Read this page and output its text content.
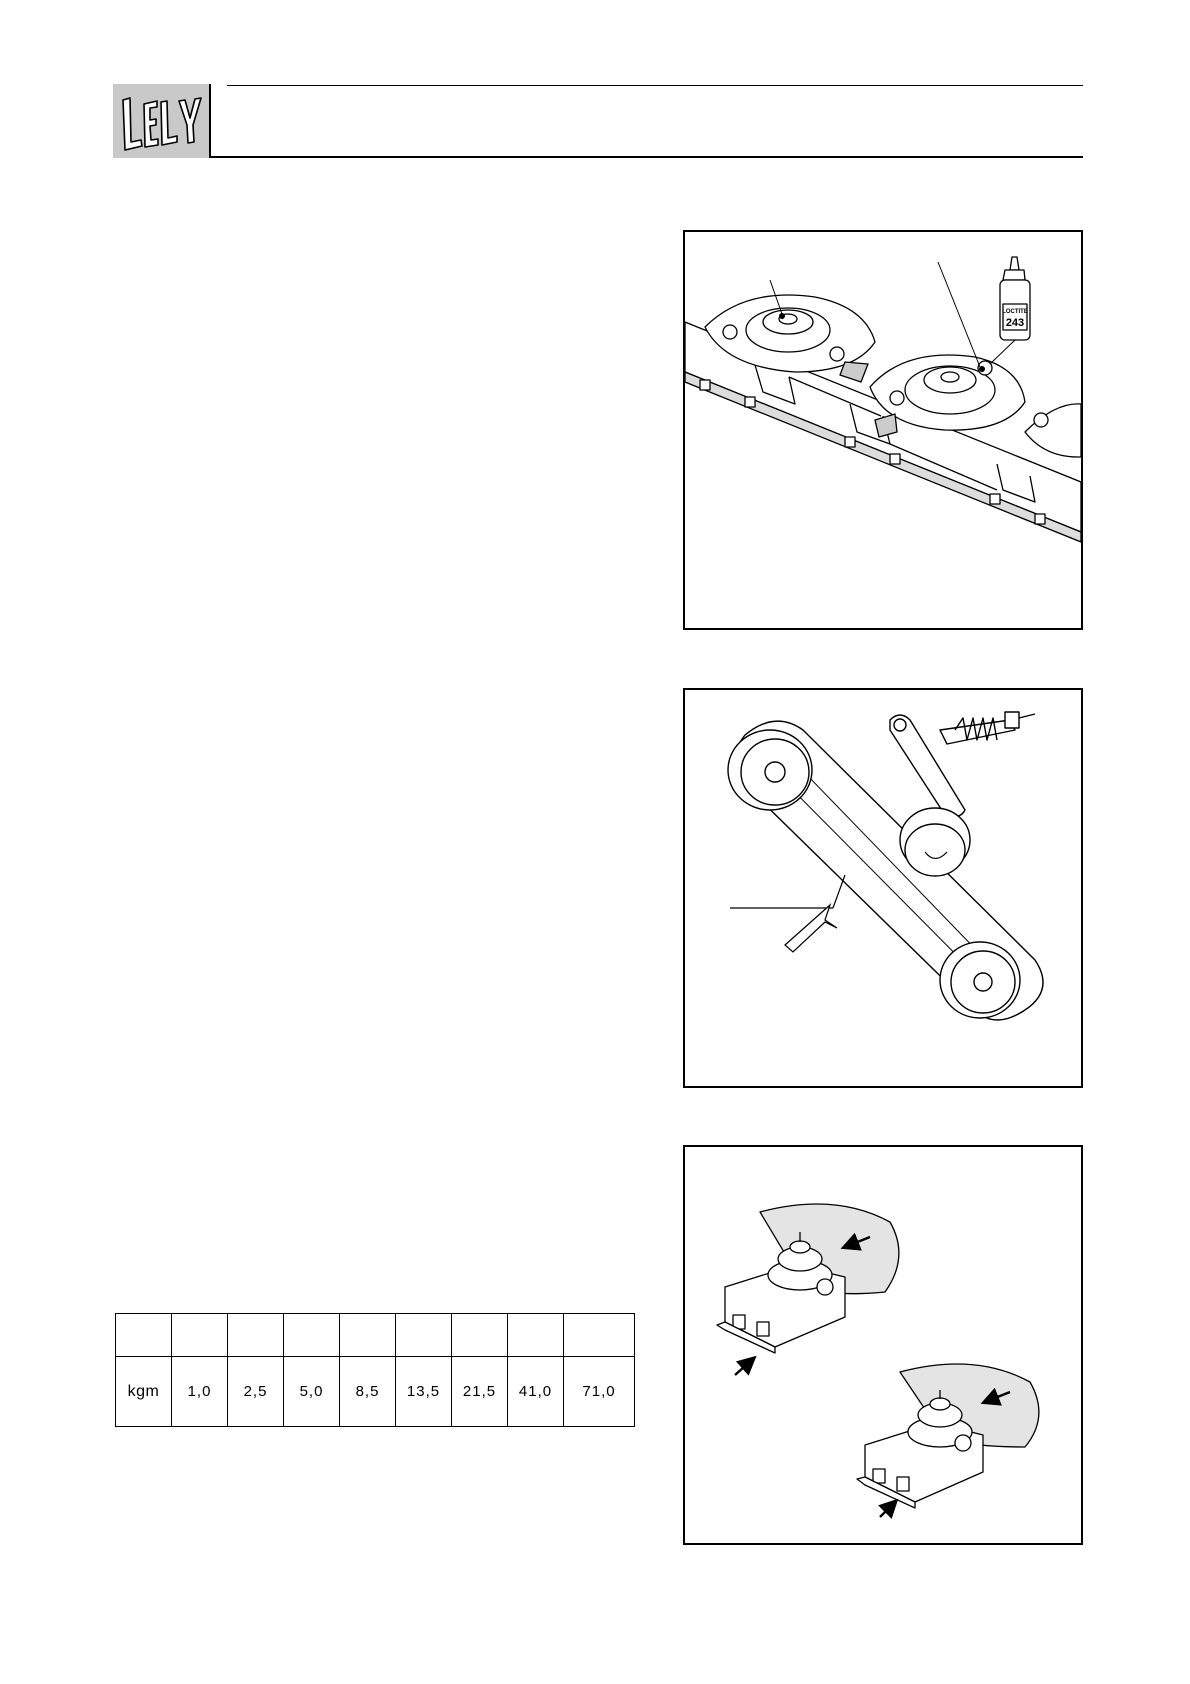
LOCTITE
243

kgm	1,0	2,5	5,0	8,5	13,5	21,5	41,0	71,0
